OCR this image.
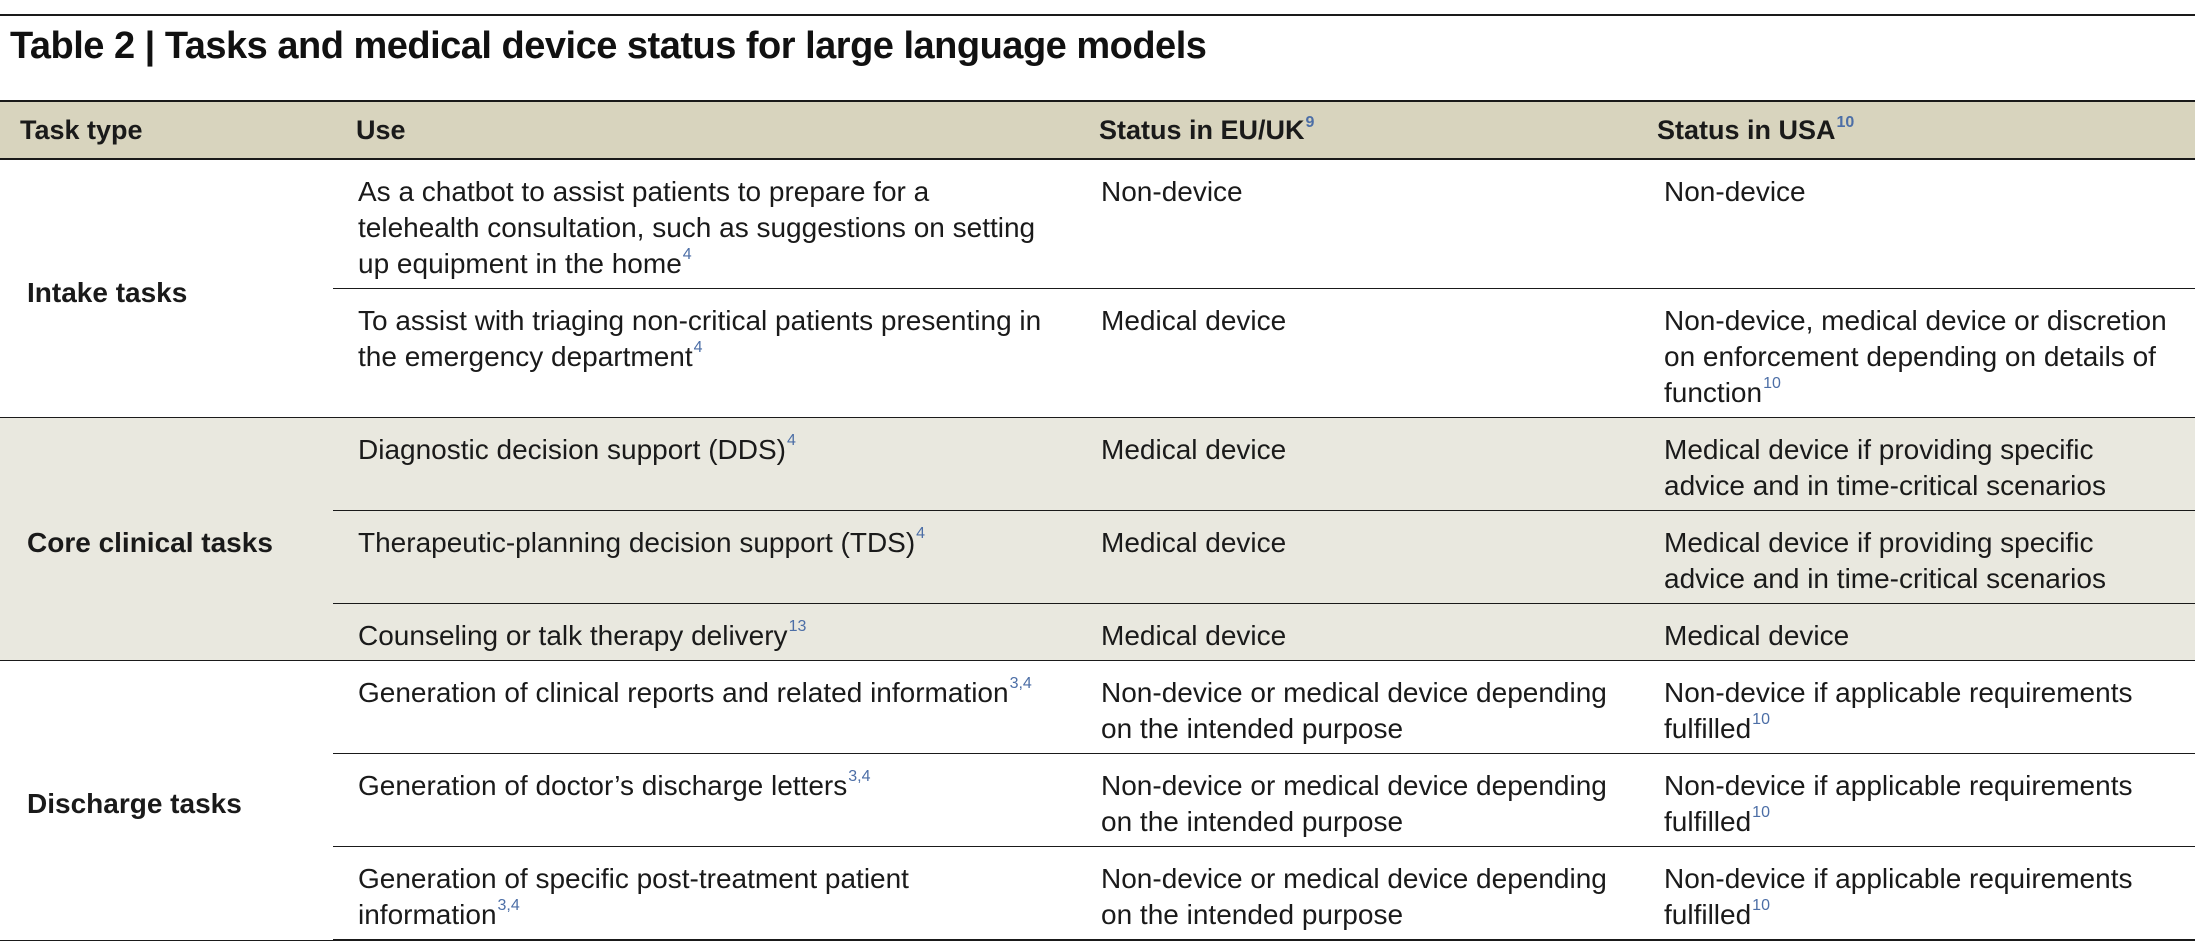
Table 2 | Tasks and medical device status for large language models
Task type	Use	Status in $EU/UK^9$	Status in USA$^{10}$
Intake tasks	As a chatbot to assist patients to prepare for a telehealth consultation, such as suggestions on setting up equipment in the home$^4$	Non-device	Non-device
	To assist with triaging non-critical patients presenting in the emergency department$^4$	Medical device	Non-device, medical device or discretion on enforcement depending on details of function$^{10}$
Core clinical tasks	Diagnostic decision support (DDS)$^4$	Medical device	Medical device if providing specific advice and in time-critical scenarios
	Therapeutic-planning decision support (TDS)$^4$	Medical device	Medical device if providing specific advice and in time-critical scenarios
	Counseling or talk therapy delivery$^{13}$	Medical device	Medical device
Discharge tasks	Generation of clinical reports and related information$^{3,4}$	Non-device or medical device depending on the intended purpose	Non-device if applicable requirements fulfilled$^{10}$
	Generation of doctor’s discharge letters$^{3,4}$	Non-device or medical device depending on the intended purpose	Non-device if applicable requirements fulfilled$^{10}$
	Generation of specific post-treatment patient information$^{3,4}$	Non-device or medical device depending on the intended purpose	Non-device if applicable requirements fulfilled$^{10}$
